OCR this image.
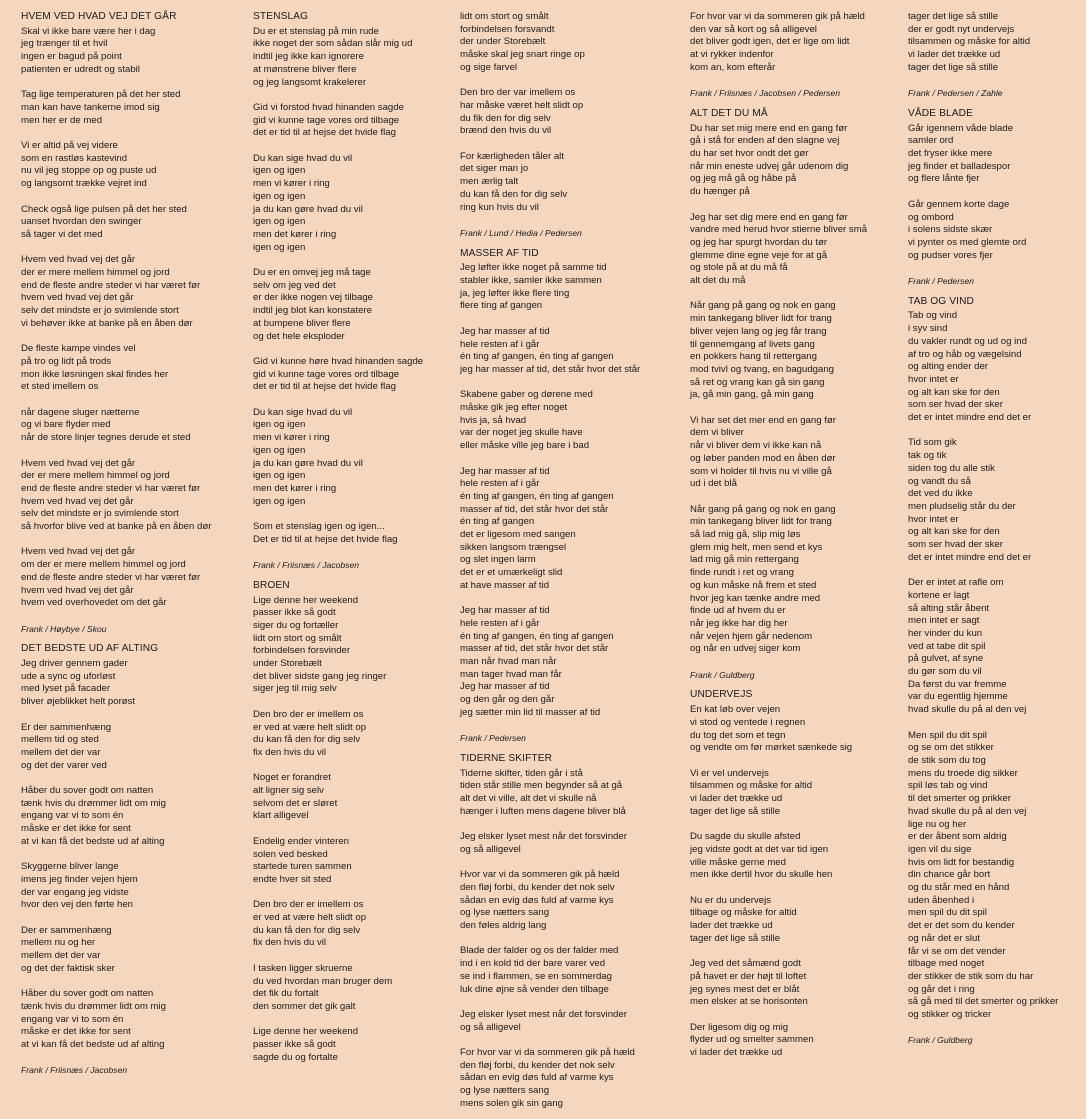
HVEM VED HVAD VEJ DET GÅR
Skal vi ikke bare være her i dag
jeg trænger til et hvil
ingen er bagud på point
patienten er udredt og stabil
Tag lige temperaturen på det her sted
man kan have tankerne imod sig
men her er de med
Vi er altid på vej videre
som en rastløs kastevind
nu vil jeg stoppe op og puste ud
og langsomt trække vejret ind
Check også lige pulsen på det her sted
uanset hvordan den swinger
så tager vi det med
Hvem ved hvad vej det går
der er mere mellem himmel og jord
end de fleste andre steder vi har været før
hvem ved hvad vej det går
selv det mindste er jo svimlende stort
vi behøver ikke at banke på en åben dør
De fleste kampe vindes vel
på tro og lidt på trods
mon ikke løsningen skal findes her
et sted imellem os
når dagene sluger nætterne
og vi bare flyder med
når de store linjer tegnes derude et sted
Hvem ved hvad vej det går
der er mere mellem himmel og jord
end de fleste andre steder vi har været før
hvem ved hvad vej det går
selv det mindste er jo svimlende stort
så hvorfor blive ved at banke på en åben dør
Hvem ved hvad vej det går
om der er mere mellem himmel og jord
end de fleste andre steder vi har været før
hvem ved hvad vej det går
hvem ved overhovedet om det går
Frank / Høybye / Skou
DET BEDSTE UD AF ALTING
Jeg driver gennem gader
ude a sync og uforløst
med lyset på facader
bliver øjeblikket helt porøst
Er der sammenhæng
mellem tid og sted
mellem det der var
og det der varer ved
Håber du sover godt om natten
tænk hvis du drømmer lidt om mig
engang var vi to som én
måske er det ikke for sent
at vi kan få det bedste ud af alting
Skyggerne bliver lange
imens jeg finder vejen hjem
der var engang jeg vidste
hvor den vej den førte hen
Der er sammenhæng
mellem nu og her
mellem det der var
og det der faktisk sker
Håber du sover godt om natten
tænk hvis du drømmer lidt om mig
engang var vi to som én
måske er det ikke for sent
at vi kan få det bedste ud af alting
Frank / Friisnæs / Jacobsen
STENSLAG
Du er et stenslag på min rude
ikke noget der som sådan slår mig ud
indtil jeg ikke kan ignorere
at mønstrene bliver flere
og jeg langsomt krakelerer
Gid vi forstod hvad hinanden sagde
gid vi kunne tage vores ord tilbage
det er tid til at hejse det hvide flag
Du kan sige hvad du vil
igen og igen
men vi kører i ring
igen og igen
ja du kan gøre hvad du vil
igen og igen
men det kører i ring
igen og igen
Du er en omvej jeg må tage
selv om jeg ved det
er der ikke nogen vej tilbage
indtil jeg blot kan konstatere
at bumpene bliver flere
og det hele eksploder
Gid vi kunne høre hvad hinanden sagde
gid vi kunne tage vores ord tilbage
det er tid til at hejse det hvide flag
Du kan sige hvad du vil
igen og igen
men vi kører i ring
igen og igen
ja du kan gøre hvad du vil
igen og igen
men det kører i ring
igen og igen
Som et stenslag igen og igen...
Det er tid til at hejse det hvide flag
Frank / Friisnæs / Jacobsen
BROEN
Lige denne her weekend
passer ikke så godt
siger du og fortæller
lidt om stort og smålt
forbindelsen forsvinder
under Storebælt
det bliver sidste gang jeg ringer
siger jeg til mig selv
Den bro der er imellem os
er ved at være helt slidt op
du kan få den for dig selv
fix den hvis du vil
Noget er forandret
alt ligner sig selv
selvom det er sløret
klart alligevel
Endelig ender vinteren
solen ved besked
startede turen sammen
endte hver sit sted
Den bro der er imellem os
er ved at være helt slidt op
du kan få den for dig selv
fix den hvis du vil
I tasken ligger skruerne
du ved hvordan man bruger dem
det fik du fortalt
den sommer det gik galt
Lige denne her weekend
passer ikke så godt
sagde du og fortalte
lidt om stort og smålt
forbindelsen forsvandt
der under Storebælt
måske skal jeg snart ringe op
og sige farvel
Den bro der var imellem os
har måske været helt slidt op
du fik den for dig selv
brænd den hvis du vil
For kærligheden tåler alt
det siger man jo
men ærlig talt
du kan få den for dig selv
ring kun hvis du vil
Frank / Lund / Hedia / Pedersen
MASSER AF TID
Jeg løfter ikke noget på samme tid
stabler ikke, samler ikke sammen
ja, jeg løfter ikke flere ting
flere ting af gangen
Jeg har masser af tid
hele resten af i går
én ting af gangen, én ting af gangen
jeg har masser af tid, det står hvor det står
Skabene gaber og dørene med
måske gik jeg efter noget
hvis ja, så hvad
var der noget jeg skulle have
eller måske ville jeg bare i bad
Jeg har masser af tid
hele resten af i går
én ting af gangen, én ting af gangen
masser af tid, det står hvor det står
én ting af gangen
det er ligesom med sangen
sikken langsom trængsel
og slet ingen larm
det er et umærkeligt slid
at have masser af tid
Jeg har masser af tid
hele resten af i går
én ting af gangen, én ting af gangen
masser af tid, det står hvor det står
man når hvad man når
man tager hvad man får
Jeg har masser af tid
og den går og den går
jeg sætter min lid til masser af tid
Frank / Pedersen
TIDERNE SKIFTER
Tiderne skifter, tiden går i stå
tiden står stille men begynder så at gå
alt det vi ville, alt det vi skulle nå
hænger i luften mens dagene bliver blå
Jeg elsker lyset mest når det forsvinder
og så alligevel
Hvor var vi da sommeren gik på hæld
den fløj forbi, du kender det nok selv
sådan en evig døs fuld af varme kys
og lyse nætters sang
den føles aldrig lang
Blade der falder og os der falder med
ind i en kold tid der bare varer ved
se ind i flammen, se en sommerdag
luk dine øjne så vender den tilbage
Jeg elsker lyset mest når det forsvinder
og så alligevel
For hvor var vi da sommeren gik på hæld
den fløj forbi, du kender det nok selv
sådan en evig døs fuld af varme kys
og lyse nætters sang
mens solen gik sin gang
For hvor var vi da sommeren gik på hæld
den var så kort og så alligevel
det bliver godt igen, det er lige om lidt
at vi rykker indenfor
kom an, kom efterår
Frank / Friisnæs / Jacobsen / Pedersen
ALT DET DU MÅ
Du har set mig mere end en gang før
gå i stå for enden af den slagne vej
du har set hvor ondt det gør
når min eneste udvej går udenom dig
og jeg må gå og håbe på
du hænger på
Jeg har set dig mere end en gang før
vandre med herud hvor stierne bliver små
og jeg har spurgt hvordan du tør
glemme dine egne veje for at gå
og stole på at du må få
alt det du må
Når gang på gang og nok en gang
min tankegang bliver lidt for trang
bliver vejen lang og jeg får trang
til gennemgang af livets gang
en pokkers hang til rettergang
mod tvivl og tvang, en bagudgang
så ret og vrang kan gå sin gang
ja, gå min gang, gå min gang
Vi har set det mer end en gang før
dem vi bliver
når vi bliver dem vi ikke kan nå
og løber panden mod en åben dør
som vi holder til hvis nu vi ville gå
ud i det blå
Når gang på gang og nok en gang
min tankegang bliver lidt for trang
så lad mig gå, slip mig løs
glem mig helt, men send et kys
lad mig gå min rettergang
finde rundt i ret og vrang
og kun måske nå frem et sted
hvor jeg kan tænke andre med
finde ud af hvem du er
når jeg ikke har dig her
når vejen hjem går nedenom
og når en udvej siger kom
Frank / Guldberg
UNDERVEJS
En kat løb over vejen
vi stod og ventede i regnen
du tog det som et tegn
og vendte om før mørket sænkede sig
Vi er vel undervejs
tilsammen og måske for altid
vi lader det trække ud
tager det lige så stille
Du sagde du skulle afsted
jeg vidste godt at det var tid igen
ville måske gerne med
men ikke dertil hvor du skulle hen
Nu er du undervejs
tilbage og måske for altid
lader det trække ud
tager det lige så stille
Jeg ved det såmænd godt
på havet er der højt til loftet
jeg synes mest det er blåt
men elsker at se horisonten
Der ligesom dig og mig
flyder ud og smelter sammen
vi lader det trække ud
tager det lige så stille
der er godt nyt undervejs
tilsammen og måske for altid
vi lader det trække ud
tager det lige så stille
Frank / Pedersen / Zahle
VÅDE BLADE
Går igennem våde blade
samler ord
det fryser ikke mere
jeg finder et balladespor
og flere lånte fjer
Går gennem korte dage
og ombord
i solens sidste skær
vi pynter os med glemte ord
og pudser vores fjer
Frank / Pedersen
TAB OG VIND
Tab og vind
i syv sind
du vakler rundt og ud og ind
af tro og håb og vægelsind
og alting ender der
hvor intet er
og alt kan ske for den
som ser hvad der sker
det er intet mindre end det er
Tid som gik
tak og tik
siden tog du alle stik
og vandt du så
det ved du ikke
men pludselig står du der
hvor intet er
og alt kan ske for den
som ser hvad der sker
det er intet mindre end det er
Der er intet at rafle om
kortene er lagt
så alting står åbent
men intet er sagt
her vinder du kun
ved at tabe dit spil
på gulvet, af syne
du gør som du vil
Da først du var fremme
var du egentlig hjemme
hvad skulle du på al den vej
Men spil du dit spil
og se om det stikker
de stik som du tog
mens du troede dig sikker
spil løs tab og vind
til det smerter og prikker
hvad skulle du på al den vej
lige nu og her
er der åbent som aldrig
igen vil du sige
hvis om lidt for bestandig
din chance går bort
og du står med en hånd
uden åbenhed i
men spil du dit spil
det er det som du kender
og når det er slut
får vi se om det vender
tilbage med noget
der stikker de stik som du har
og går det i ring
så gå med til det smerter og prikker
og stikker og tricker
Frank / Guldberg
